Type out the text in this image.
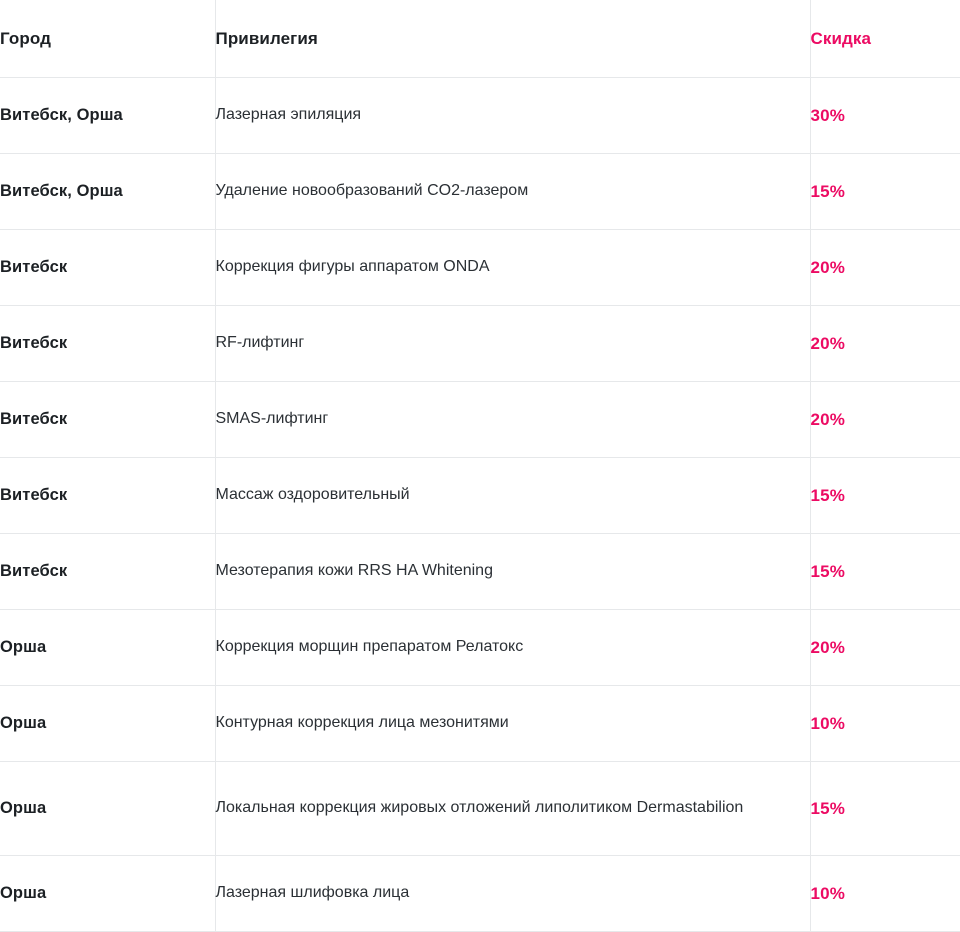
Город	Привилегия	Скидка
Витебск, Орша	Лазерная эпиляция	30%
Витебск, Орша	Удаление новообразований CO2-лазером	15%
Витебск	Коррекция фигуры аппаратом ONDA	20%
Витебск	RF-лифтинг	20%
Витебск	SMAS-лифтинг	20%
Витебск	Массаж оздоровительный	15%
Витебск	Мезотерапия кожи RRS HA Whitening	15%
Орша	Коррекция морщин препаратом Релатокс	20%
Орша	Контурная коррекция лица мезонитями	10%
Орша	Локальная коррекция жировых отложений липолитиком Dermastabilion	15%
Орша	Лазерная шлифовка лица	10%
